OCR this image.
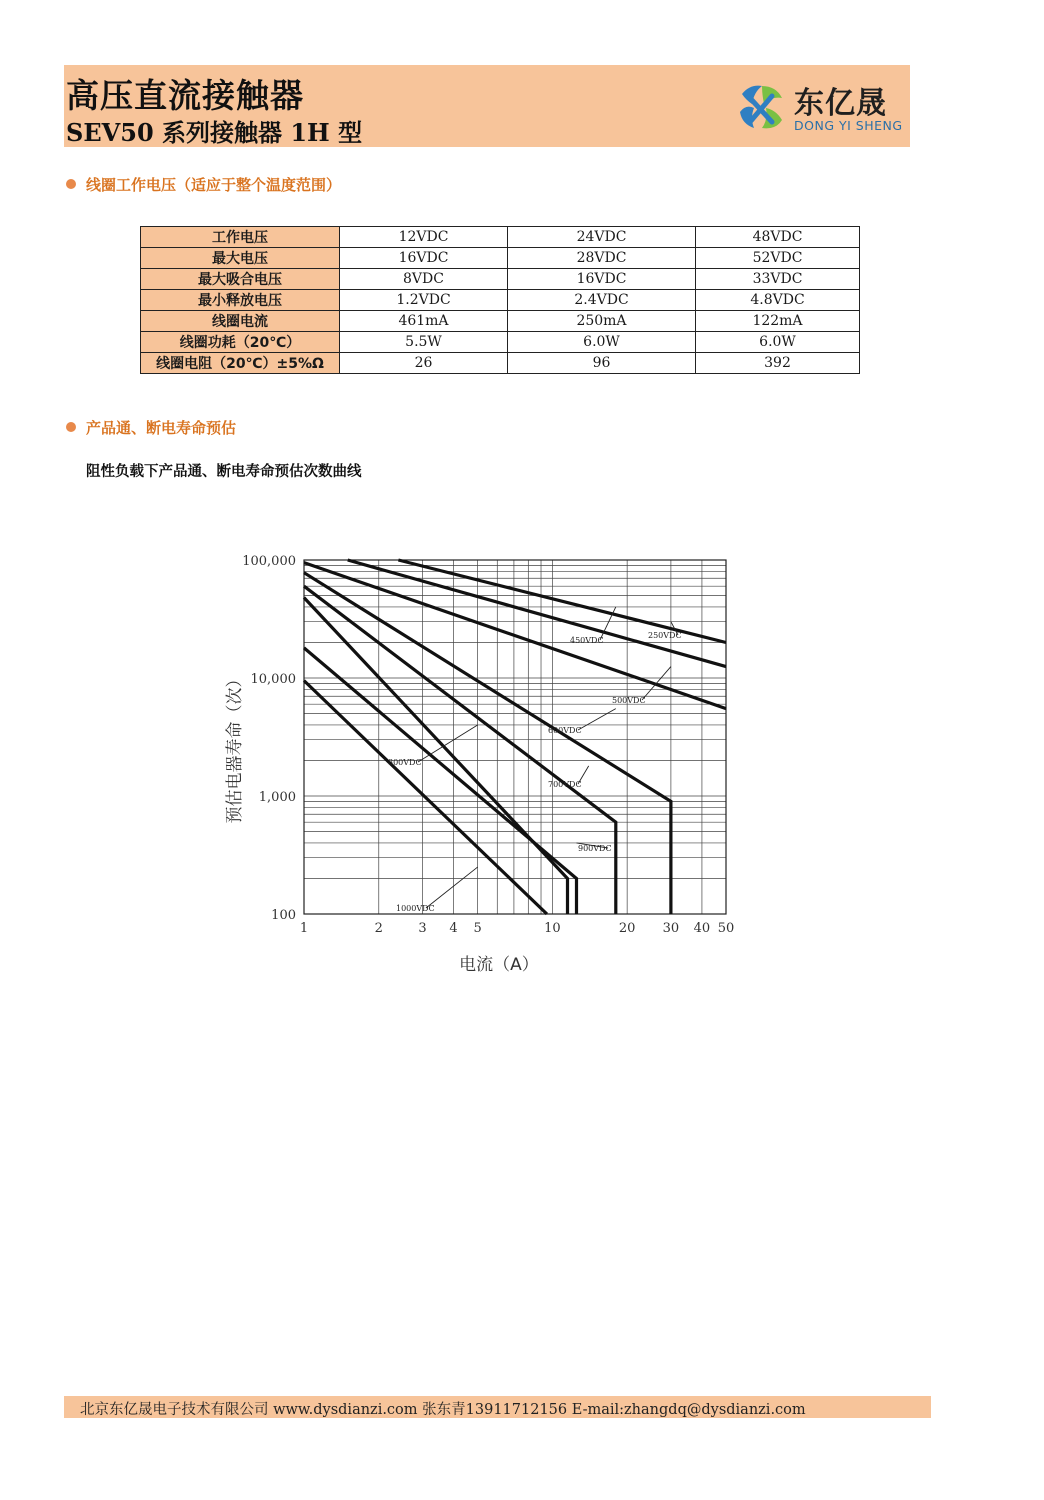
高压直流接触器
SEV50 系列接触器 1H 型
东亿晟
DONG YI SHENG
线圈工作电压（适应于整个温度范围）
工作电压	12VDC	24VDC	48VDC
最大电压	16VDC	28VDC	52VDC
最大吸合电压	8VDC	16VDC	33VDC
最小释放电压	1.2VDC	2.4VDC	4.8VDC
线圈电流	461mA	250mA	122mA
线圈功耗（20℃）	5.5W	6.0W	6.0W
线圈电阻（20℃）±5%Ω	26	96	392
产品通、断电寿命预估
阻性负载下产品通、断电寿命预估次数曲线
250VDC
450VDC
500VDC
600VDC
700VDC
800VDC
900VDC
1000VDC
1	2	3 4 5	10	20 30 40 50
100
1,000
10,000
100,000
电流（A）
预估电器寿命（次）
北京东亿晟电子技术有限公司 www.dysdianzi.com 张东青13911712156 E-mail:zhangdq@dysdianzi.com
